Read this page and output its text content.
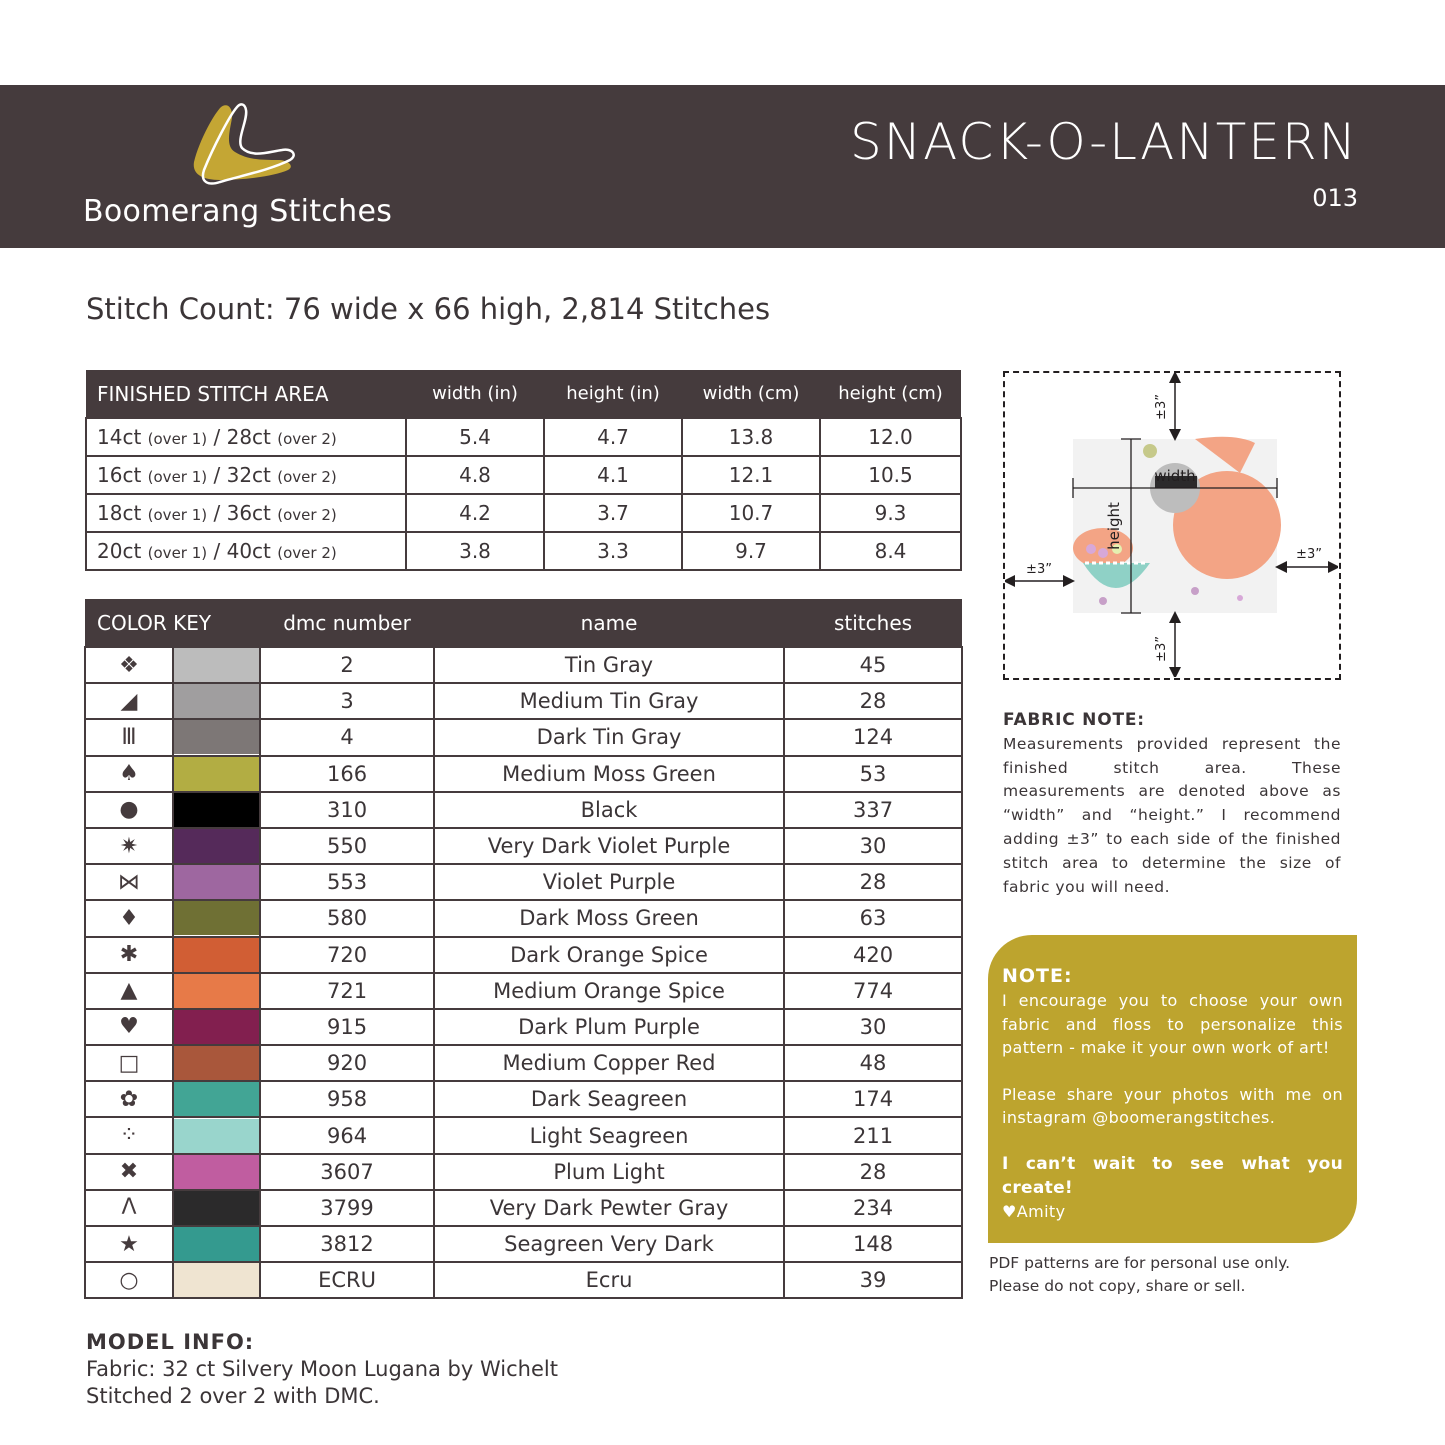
Boomerang Stitches
SNACK-O-LANTERN
013
Stitch Count: 76 wide x 66 high, 2,814 Stitches
FINISHED STITCH AREA	width (in)	height (in)	width (cm)	height (cm)
14ct (over 1) / 28ct (over 2)	5.4	4.7	13.8	12.0
16ct (over 1) / 32ct (over 2)	4.8	4.1	12.1	10.5
18ct (over 1) / 36ct (over 2)	4.2	3.7	10.7	9.3
20ct (over 1) / 40ct (over 2)	3.8	3.3	9.7	8.4
COLOR KEY		dmc number	name	stitches
❖		2	Tin Gray	45
◢		3	Medium Tin Gray	28
Ⅲ		4	Dark Tin Gray	124
♠		166	Medium Moss Green	53
●		310	Black	337
✷		550	Very Dark Violet Purple	30
⋈		553	Violet Purple	28
♦		580	Dark Moss Green	63
✱		720	Dark Orange Spice	420
▲		721	Medium Orange Spice	774
♥		915	Dark Plum Purple	30
□		920	Medium Copper Red	48
✿		958	Dark Seagreen	174
⁘		964	Light Seagreen	211
✖		3607	Plum Light	28
Λ		3799	Very Dark Pewter Gray	234
★		3812	Seagreen Very Dark	148
○		ECRU	Ecru	39
MODEL INFO:
Fabric: 32 ct Silvery Moon Lugana by Wichelt
Stitched 2 over 2 with DMC.
width
height
±3”
±3”
±3”
±3”
FABRIC NOTE:
Measurements provided represent the finished stitch area. These measurements are denoted above as “width” and “height.” I recommend adding ±3” to each side of the finished stitch area to determine the size of fabric you will need.
NOTE:

I encourage you to choose your own fabric and floss to personalize this pattern - make it your own work of art!

Please share your photos with me on instagram @boomerangstitches.

I can’t wait to see what you create!

♥Amity

PDF patterns are for personal use only.
Please do not copy, share or sell.
